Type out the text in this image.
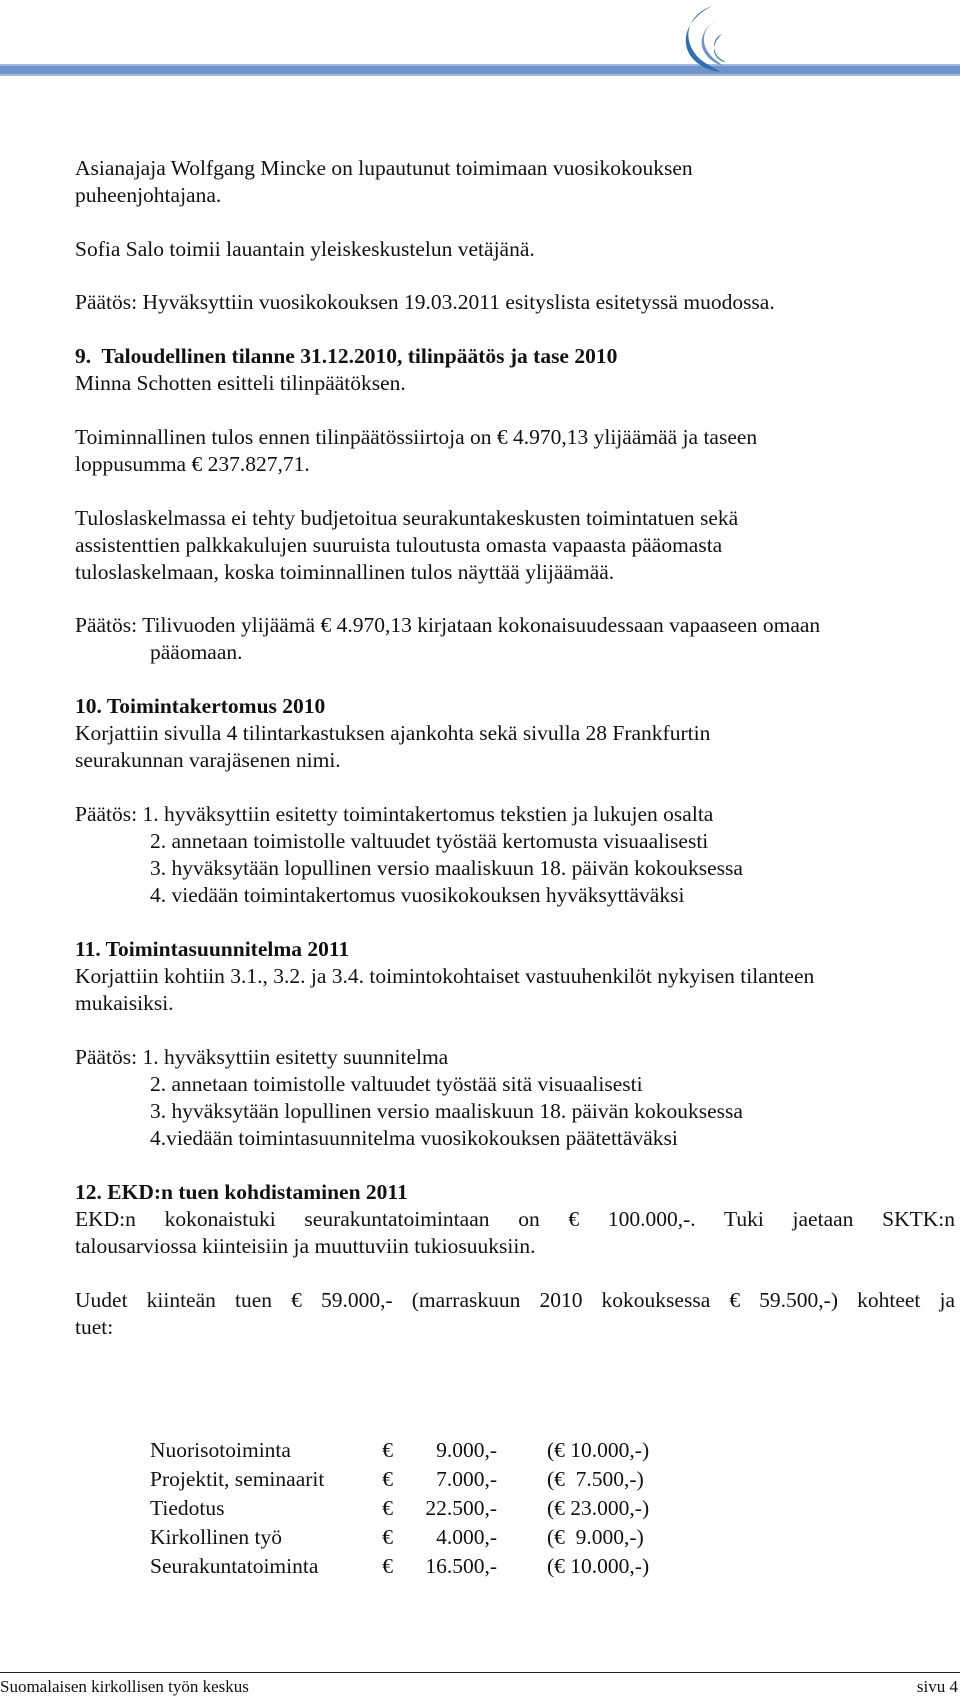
Asianajaja Wolfgang Mincke on lupautunut toimimaan vuosikokouksen
puheenjohtajana.
Sofia Salo toimii lauantain yleiskeskustelun vetäjänä.
Päätös: Hyväksyttiin vuosikokouksen 19.03.2011 esityslista esitetyssä muodossa.
9.  Taloudellinen tilanne 31.12.2010, tilinpäätös ja tase 2010
Minna Schotten esitteli tilinpäätöksen.
Toiminnallinen tulos ennen tilinpäätössiirtoja on € 4.970,13 ylijäämää ja taseen
loppusumma € 237.827,71.
Tuloslaskelmassa ei tehty budjetoitua seurakuntakeskusten toimintatuen sekä
assistenttien palkkakulujen suuruista tuloutusta omasta vapaasta pääomasta
tuloslaskelmaan, koska toiminnallinen tulos näyttää ylijäämää.
Päätös: Tilivuoden ylijäämä € 4.970,13 kirjataan kokonaisuudessaan vapaaseen omaan
pääomaan.
10. Toimintakertomus 2010
Korjattiin sivulla 4 tilintarkastuksen ajankohta sekä sivulla 28 Frankfurtin
seurakunnan varajäsenen nimi.
Päätös: 1. hyväksyttiin esitetty toimintakertomus tekstien ja lukujen osalta
2. annetaan toimistolle valtuudet työstää kertomusta visuaalisesti
3. hyväksytään lopullinen versio maaliskuun 18. päivän kokouksessa
4. viedään toimintakertomus vuosikokouksen hyväksyttäväksi
11. Toimintasuunnitelma 2011
Korjattiin kohtiin 3.1., 3.2. ja 3.4. toimintokohtaiset vastuuhenkilöt nykyisen tilanteen
mukaisiksi.
Päätös: 1. hyväksyttiin esitetty suunnitelma
2. annetaan toimistolle valtuudet työstää sitä visuaalisesti
3. hyväksytään lopullinen versio maaliskuun 18. päivän kokouksessa
4.viedään toimintasuunnitelma vuosikokouksen päätettäväksi
12. EKD:n tuen kohdistaminen 2011
EKD:n kokonaistuki seurakuntatoimintaan on € 100.000,-. Tuki jaetaan SKTK:n
talousarviossa kiinteisiin ja muuttuviin tukiosuuksiin.
Uudet kiinteän tuen € 59.000,- (marraskuun 2010 kokouksessa € 59.500,-) kohteet ja
tuet:
Nuorisotoiminta	€	9.000,-	(€ 10.000,-)
Projektit, seminaarit	€	7.000,-	(€  7.500,-)
Tiedotus	€	22.500,-	(€ 23.000,-)
Kirkollinen työ	€	4.000,-	(€  9.000,-)
Seurakuntatoiminta	€	16.500,-	(€ 10.000,-)
Suomalaisen kirkollisen työn keskus	sivu 4
